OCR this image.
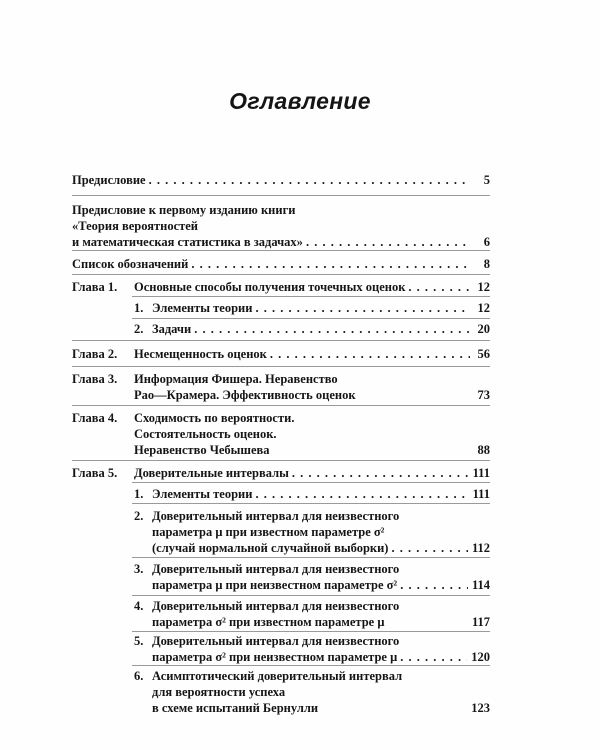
Оглавление
Предисловие . . .	5
Предисловие к первому изданию книги
«Теория вероятностей
и математическая статистика в задачах» . . .	6
Список обозначений . . .	8
Глава 1.	Основные способы получения точечных оценок . . .	12
1. Элементы теории . . .	12
2. Задачи . . .	20
Глава 2.	Несмещенность оценок . . .	56
Глава 3.	Информация Фишера. Неравенство
Рао—Крамера. Эффективность оценок	73
Глава 4.	Сходимость по вероятности.
Состоятельность оценок.
Неравенство Чебышева	88
Глава 5.	Доверительные интервалы . . .	111
1. Элементы теории . . .	111
2. Доверительный интервал для неизвестного
параметра μ при известном параметре σ²
(случай нормальной случайной выборки) . . .	112
3. Доверительный интервал для неизвестного
параметра μ при неизвестном параметре σ² . . .	114
4. Доверительный интервал для неизвестного
параметра σ² при известном параметре μ	117
5. Доверительный интервал для неизвестного
параметра σ² при неизвестном параметре μ . . .	120
6. Асимптотический доверительный интервал
для вероятности успеха
в схеме испытаний Бернулли	123
